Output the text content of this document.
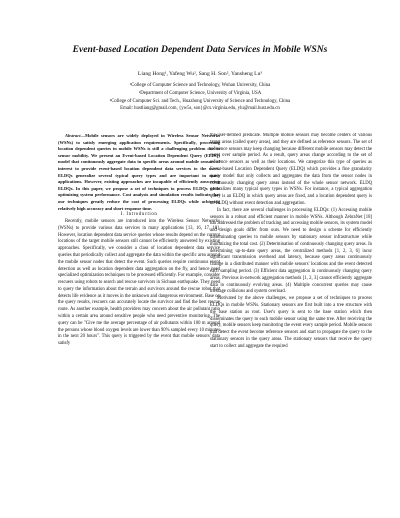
Event-based Location Dependent Data Services in Mobile WSNs
Liang Hong¹, Yafeng Wu², Sang H. Son², Yansheng Lu³
¹College of Computer Science and Technology, Wuhan University, China
²Department of Computer Science, University of Virginia, USA
³College of Computer Sci. and Tech., Huazhong University of Science and Technology, China
Email: hustliang@gmail.com, {yw5s, son}@cs.virginia.edu, ylu@mail.hust.edu.cn

Abstract—Mobile sensors are widely deployed in Wireless Sensor Networks (WSNs) to satisfy emerging application requirements. Specifically, processing location dependent queries in mobile WSNs is still a challenging problem due to sensor mobility. We present an Event-based Location Dependent Query (ELDQ) model that continuously aggregate data in specific areas around mobile sensors of interest to provide event-based location dependent data services to the users. ELDQs generalize several typical query types and are important in many applications. However, existing approaches are incapable of efficiently answering ELDQs. In this paper, we propose a set of techniques to process ELDQs while optimizing system performance. Cost analysis and simulation results indicate that our techniques greatly reduce the cost of processing ELDQs while achieving relatively high accuracy and short response time.

I. Introduction

Recently, mobile sensors are introduced into the Wireless Sensor Networks (WSNs) to provide various data services in many applications [13, 16, 17, 18]. However, location dependent data service queries whose results depend on the current locations of the target mobile sensors still cannot be efficiently answered by existing approaches. Specifically, we consider a class of location dependent data service queries that periodically collect and aggregate the data within the specific area around the mobile sensor nodes that detect the event. Such queries require continuous event detection as well as location dependent data aggregation on the fly, and hence need specialized optimization techniques to be processed efficiently. For example, consider rescuers using robots to search and rescue survivors in Sichuan earthquake. They need to query the information about the terrain and survivors around the rescue robot that detects life evidence as it moves in the unknown and dangerous environment. Base on the query results, rescuers can accurately locate the survivor and find the best rescue route. As another example, health providers may concern about the air pollutant ratio within a certain area around sensitive people who need preventive monitoring. The query can be "Give me the average percentage of air pollutants within 100 m around the persons whose blood oxygen levels are lower than 90% sampled every 10 minutes in the next 20 hours". This query is triggered by the event that mobile sensors' data satisfy

the user-defined predicate. Multiple mobile sensors may become centers of various target areas (called query areas), and they are defined as reference sensors. The set of reference sensors may keep changing because different mobile sensors may detect the event over sample period. As a result, query areas change according to the set of reference sensors as well as their locations. We categorize this type of queries as Event-based Location Dependent Query (ELDQ) which provides a fine granularity query model that only collects and aggregates the data from the sensor nodes in continuously changing query areas instead of the whole sensor network. ELDQ generalizes many typical query types in WSNs. For instance, a typical aggregation query is an ELDQ in which query areas are fixed, and a location dependent query is an ELDQ without event detection and aggregation.

In fact, there are several challenges in processing ELDQs: (1) Accessing mobile sensors in a robust and efficient manner in mobile WSNs. Although ZebraNet [18] has addressed the problem of tracking and accessing mobile sensors, its system model and design goals differ from ours. We need to design a scheme for efficiently disseminating queries to mobile sensors by stationary sensor infrastructure while minimizing the total cost. (2) Determination of continuously changing query areas. In determining up-to-date query areas, the centralized methods [1, 2, 3, 6] incur significant transmission overhead and latency, because query areas continuously change in a distributed manner with mobile sensors' locations and the event detected each sampling period. (3) Efficient data aggregation in continuously changing query areas. Previous in-network aggregation methods [1, 2, 3] cannot efficiently aggregate data in continuously evolving areas. (4) Multiple concurrent queries may cause message collisions and system overload.

Motivated by the above challenges, we propose a set of techniques to process ELDQs in mobile WSNs. Stationary sensors are first built into a tree structure with the base station as root. User's query is sent to the base station which then disseminates the query to each mobile sensor using the same tree. After receiving the query, mobile sensors keep monitoring the event every sample period. Mobile sensors that detect the event become reference sensors and start to propagate the query to the stationary sensors in the query areas. The stationary sensors that receive the query start to collect and aggregate the required
